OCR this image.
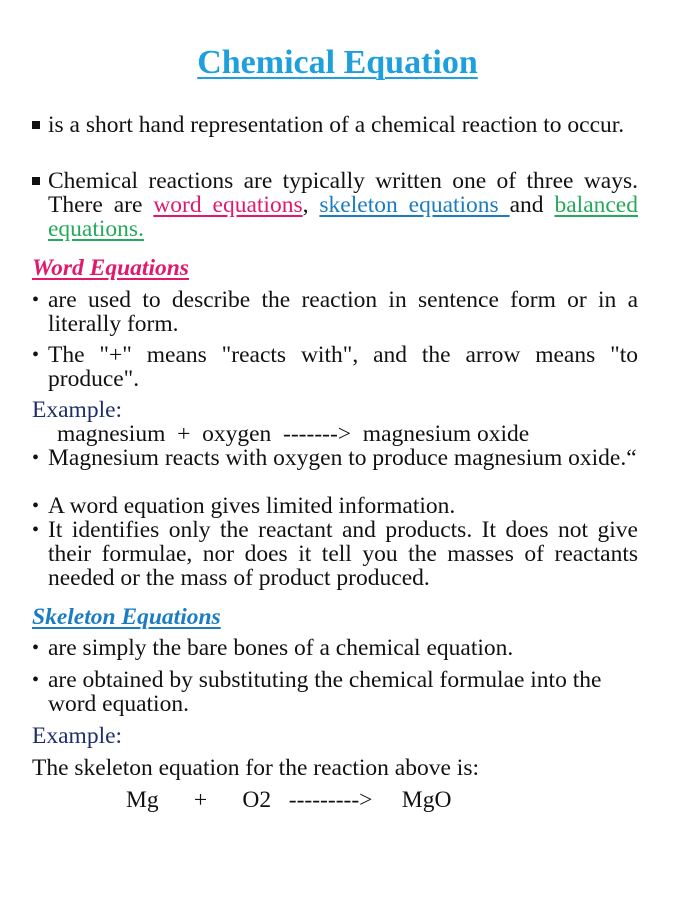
Chemical Equation
is a short hand representation of a chemical reaction to occur.
Chemical reactions are typically written one of three ways. There are word equations, skeleton equations and balanced equations.
Word Equations
• are used to describe the reaction in sentence form or in a literally form.
• The "+" means "reacts with", and the arrow means "to produce".
Example:
magnesium  +  oxygen  ------->  magnesium oxide
• Magnesium reacts with oxygen to produce magnesium oxide.“
• A word equation gives limited information.
• It identifies only the reactant and products. It does not give their formulae, nor does it tell you the masses of reactants needed or the mass of product produced.
Skeleton Equations
• are simply the bare bones of a chemical equation.
• are obtained by substituting the chemical formulae into the word equation.
Example:
The skeleton equation for the reaction above is:
Mg      +      O2   --------->     MgO
